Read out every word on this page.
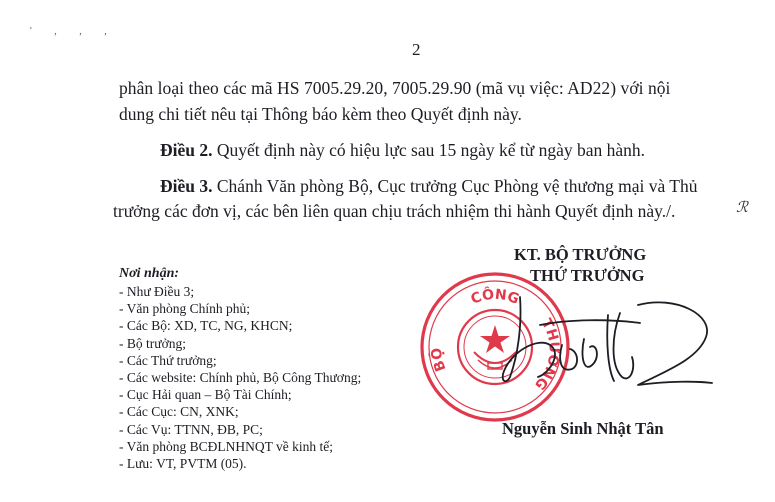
' , , ,
2
phân loại theo các mã HS 7005.29.20, 7005.29.90 (mã vụ việc: AD22) với nội
dung chi tiết nêu tại Thông báo kèm theo Quyết định này.
Điều 2. Quyết định này có hiệu lực sau 15 ngày kể từ ngày ban hành.
Điều 3. Chánh Văn phòng Bộ, Cục trưởng Cục Phòng vệ thương mại và Thủ
trưởng các đơn vị, các bên liên quan chịu trách nhiệm thi hành Quyết định này./.	ℛ
Nơi nhận:
- Như Điều 3;
- Văn phòng Chính phủ;
- Các Bộ: XD, TC, NG, KHCN;
- Bộ trưởng;
- Các Thứ trưởng;
- Các website: Chính phủ, Bộ Công Thương;
- Cục Hải quan – Bộ Tài Chính;
- Các Cục: CN, XNK;
- Các Vụ: TTNN, ĐB, PC;
- Văn phòng BCĐLNHNQT về kinh tế;
- Lưu: VT, PVTM (05).
KT. BỘ TRƯỞNG
THỨ TRƯỞNG
CÔNG
BỘ
THƯƠNG
Nguyễn Sinh Nhật Tân
